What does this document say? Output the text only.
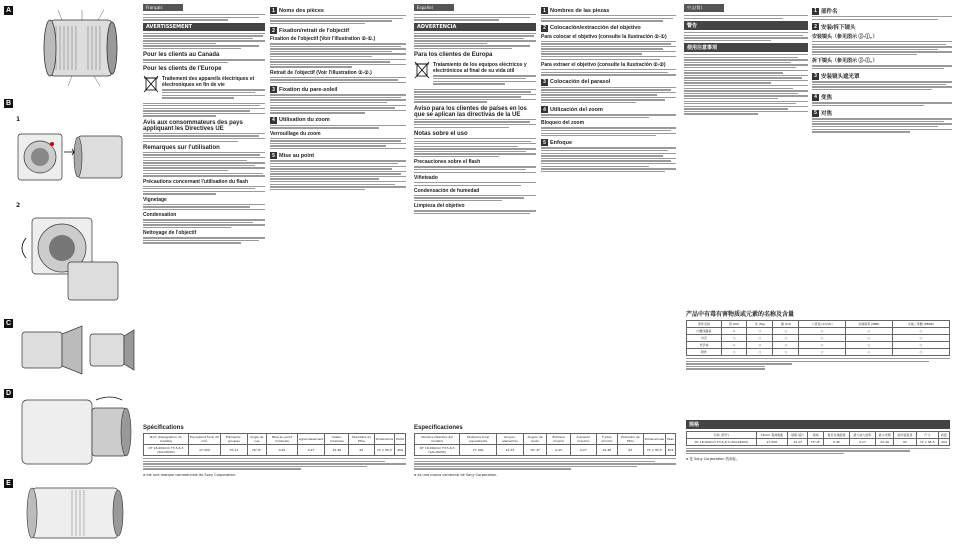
A
B
1
2
C
D
E
Français
AVERTISSEMENT
Pour les clients au Canada
Pour les clients de l'Europe
Traitement des appareils électriques et électroniques en fin de vie
Avis aux consommateurs des pays appliquant les Directives UE
Remarques sur l'utilisation
Précautions concernant l'utilisation du flash
Vignetage
Condensation
Nettoyage de l'objectif
1 Noms des pièces
2 Fixation/retrait de l'objectif
Fixation de l'objectif (Voir l'illustration ②-①.)
Retrait de l'objectif (Voir l'illustration ②-②.)
3 Fixation du pare-soleil
4 Utilisation du zoom
Verrouillage du zoom
5 Mise au point
Spécifications
Nom (Désignation du modèle)	Équivalent focal 35 mm	Éléments–groupes	Angle de vue	Mise au point minimale	Agrandissement	Valeur minimale	Diamètre du filtre	Dimensions	Poids
DT 18-200mm F3.5-6.3 (SAL18200)	27-300	15-13	76°-8°	0,45	0,27	22-36	62	73 × 85,5	404
α est une marque commerciale de Sony Corporation.
Español
ADVERTENCIA
Para los clientes de Europa
Tratamiento de los equipos eléctricos y electrónicos al final de su vida útil
Aviso para los clientes de países en los que se aplican las directivas de la UE
Notas sobre el uso
Precauciones sobre el flash
Viñeteado
Condensación de humedad
Limpieza del objetivo
1 Nombres de las piezas
2 Colocación/extracción del objetivo
Para colocar el objetivo (consulte la ilustración ②-①)
Para extraer el objetivo (consulte la ilustración ②-②)
3 Colocación del parasol
4 Utilización del zoom
Bloqueo del zoom
5 Enfoque
Especificaciones
Nombre (Nombre del modelo)	Distancia focal equivalente	Grupos-elementos	Ángulo de visión	Enfoque mínimo	Aumento máximo	F-stop mínimo	Diámetro de filtro	Dimensiones	Peso
DT 18-200mm F3.5-6.3 (SAL18200)	27-300	15-13	76°-8°	0,45	0,27	22-36	62	73 × 85,5	404
α es una marca comercial de Sony Corporation.
中文(简)
警告
使用注意事项
1 部件名
2 安装/拆下镜头
安装镜头（参见图示 ②-①。）
拆下镜头（参见图示 ②-②。）
3 安装镜头遮光罩
4 变焦
5 对焦
产品中有毒有害物质或元素的名称及含量
部件名称	铅 (Pb)	汞 (Hg)	镉 (Cd)	六价铬 (Cr(VI))	多溴联苯 (PBB)	多溴二苯醚 (PBDE)
内置线路板	×	○	○	○	○	○
外壳	○	○	○	○	○	○
光学块	×	○	○	○	○	○
附件	○	○	○	○	○	○
规格
名称 (型号)	35mm 等效焦距	镜组-镜片	视角	最近对焦距离	最大放大倍率	最小光圈	滤光镜直径	尺寸	质量
DT 18-200mm F3.5-6.3 (SAL18200)	27-300	15-13	76°-8°	0.45	0.27	22-36	62	73 × 85.5	404
α 是 Sony Corporation 的商标。
